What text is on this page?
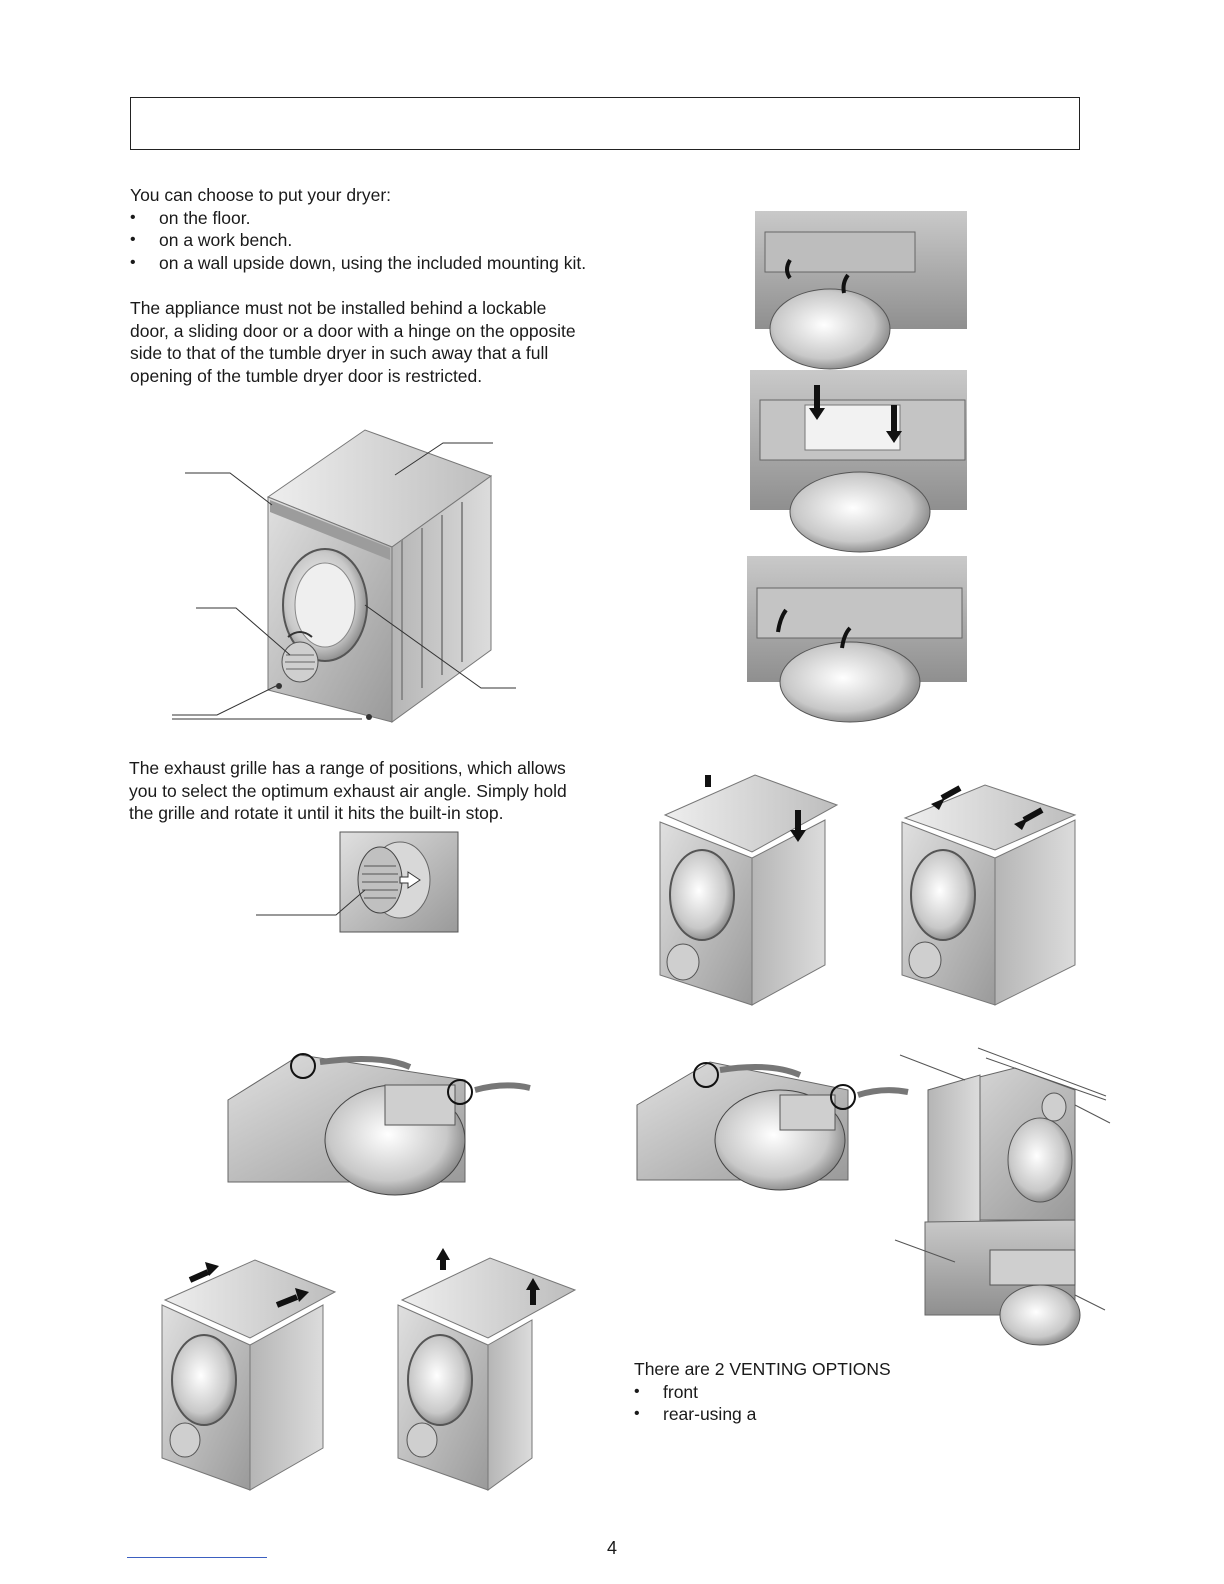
You can choose to put your dryer:
• on the floor.
• on a work bench.
• on a wall upside down, using the included mounting kit.

The appliance must not be installed behind a lockable door, a sliding door or a door with a hinge on the opposite side to that of the tumble dryer in such away that a full opening of the tumble dryer door is restricted.

The exhaust grille has a range of positions, which allows you to select the optimum exhaust air angle. Simply hold the grille and rotate it until it hits the built-in stop.
There are 2 VENTING OPTIONS
• front
• rear-using a
4
